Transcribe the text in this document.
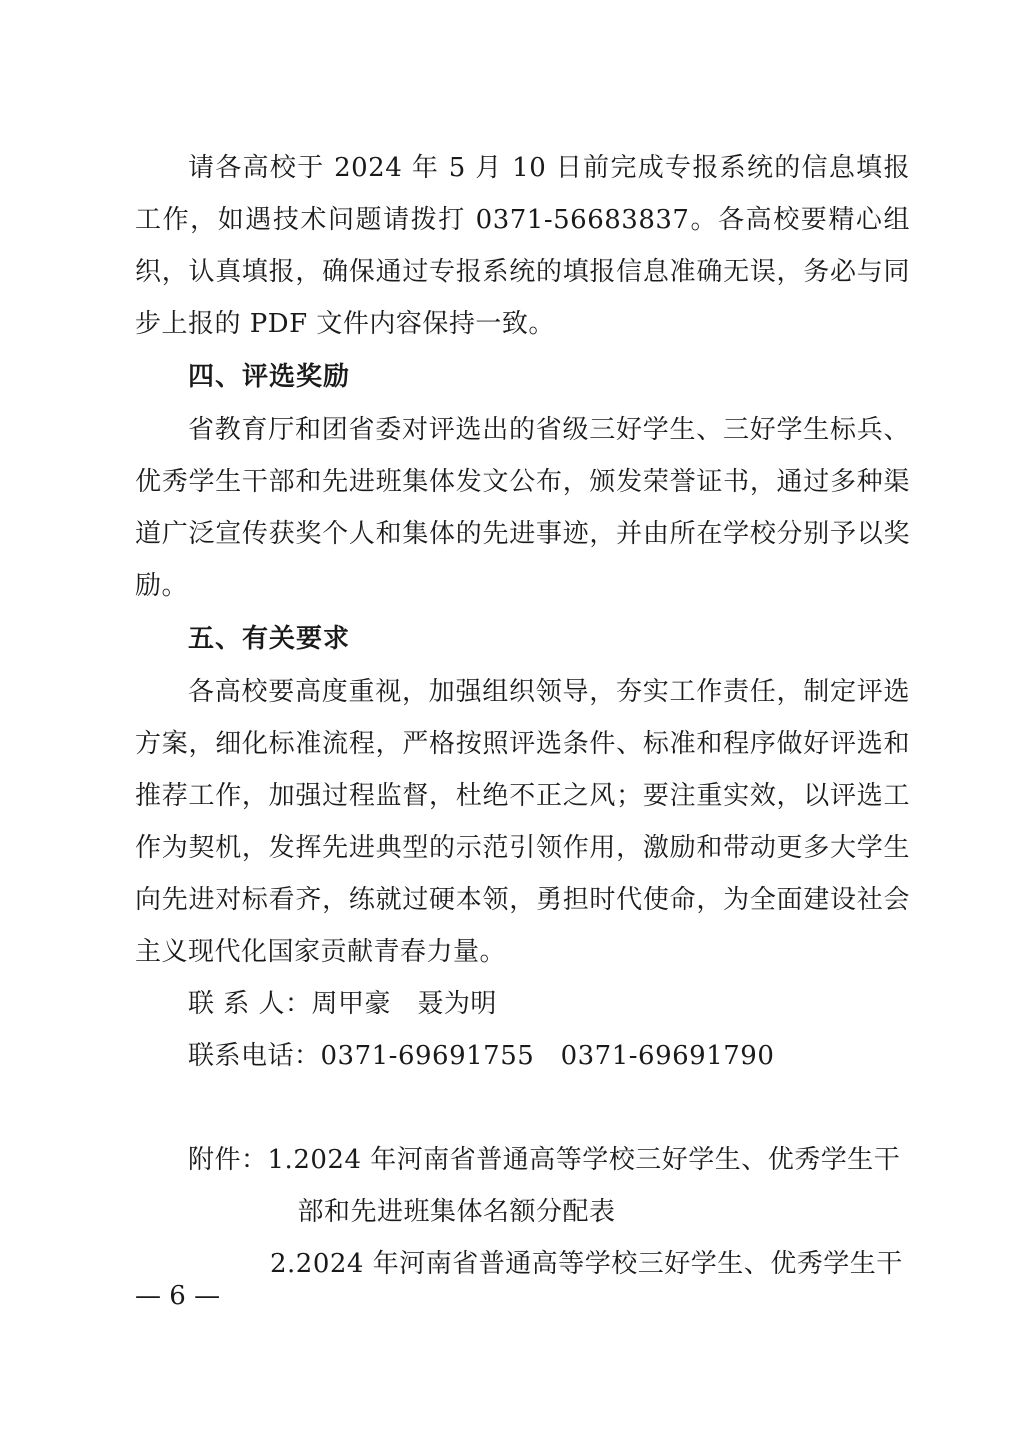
请各高校于 2024 年 5 月 10 日前完成专报系统的信息填报工作，如遇技术问题请拨打 0371-56683837。各高校要精心组织，认真填报，确保通过专报系统的填报信息准确无误，务必与同步上报的 PDF 文件内容保持一致。

四、评选奖励

省教育厅和团省委对评选出的省级三好学生、三好学生标兵、优秀学生干部和先进班集体发文公布，颁发荣誉证书，通过多种渠道广泛宣传获奖个人和集体的先进事迹，并由所在学校分别予以奖励。

五、有关要求

各高校要高度重视，加强组织领导，夯实工作责任，制定评选方案，细化标准流程，严格按照评选条件、标准和程序做好评选和推荐工作，加强过程监督，杜绝不正之风；要注重实效，以评选工作为契机，发挥先进典型的示范引领作用，激励和带动更多大学生向先进对标看齐，练就过硬本领，勇担时代使命，为全面建设社会主义现代化国家贡献青春力量。

联 系 人：周甲豪   聂为明

联系电话：0371-69691755   0371-69691790

附件： 1.2024 年河南省普通高等学校三好学生、优秀学生干
部和先进班集体名额分配表
2.2024 年河南省普通高等学校三好学生、优秀学生干
— 6 —
